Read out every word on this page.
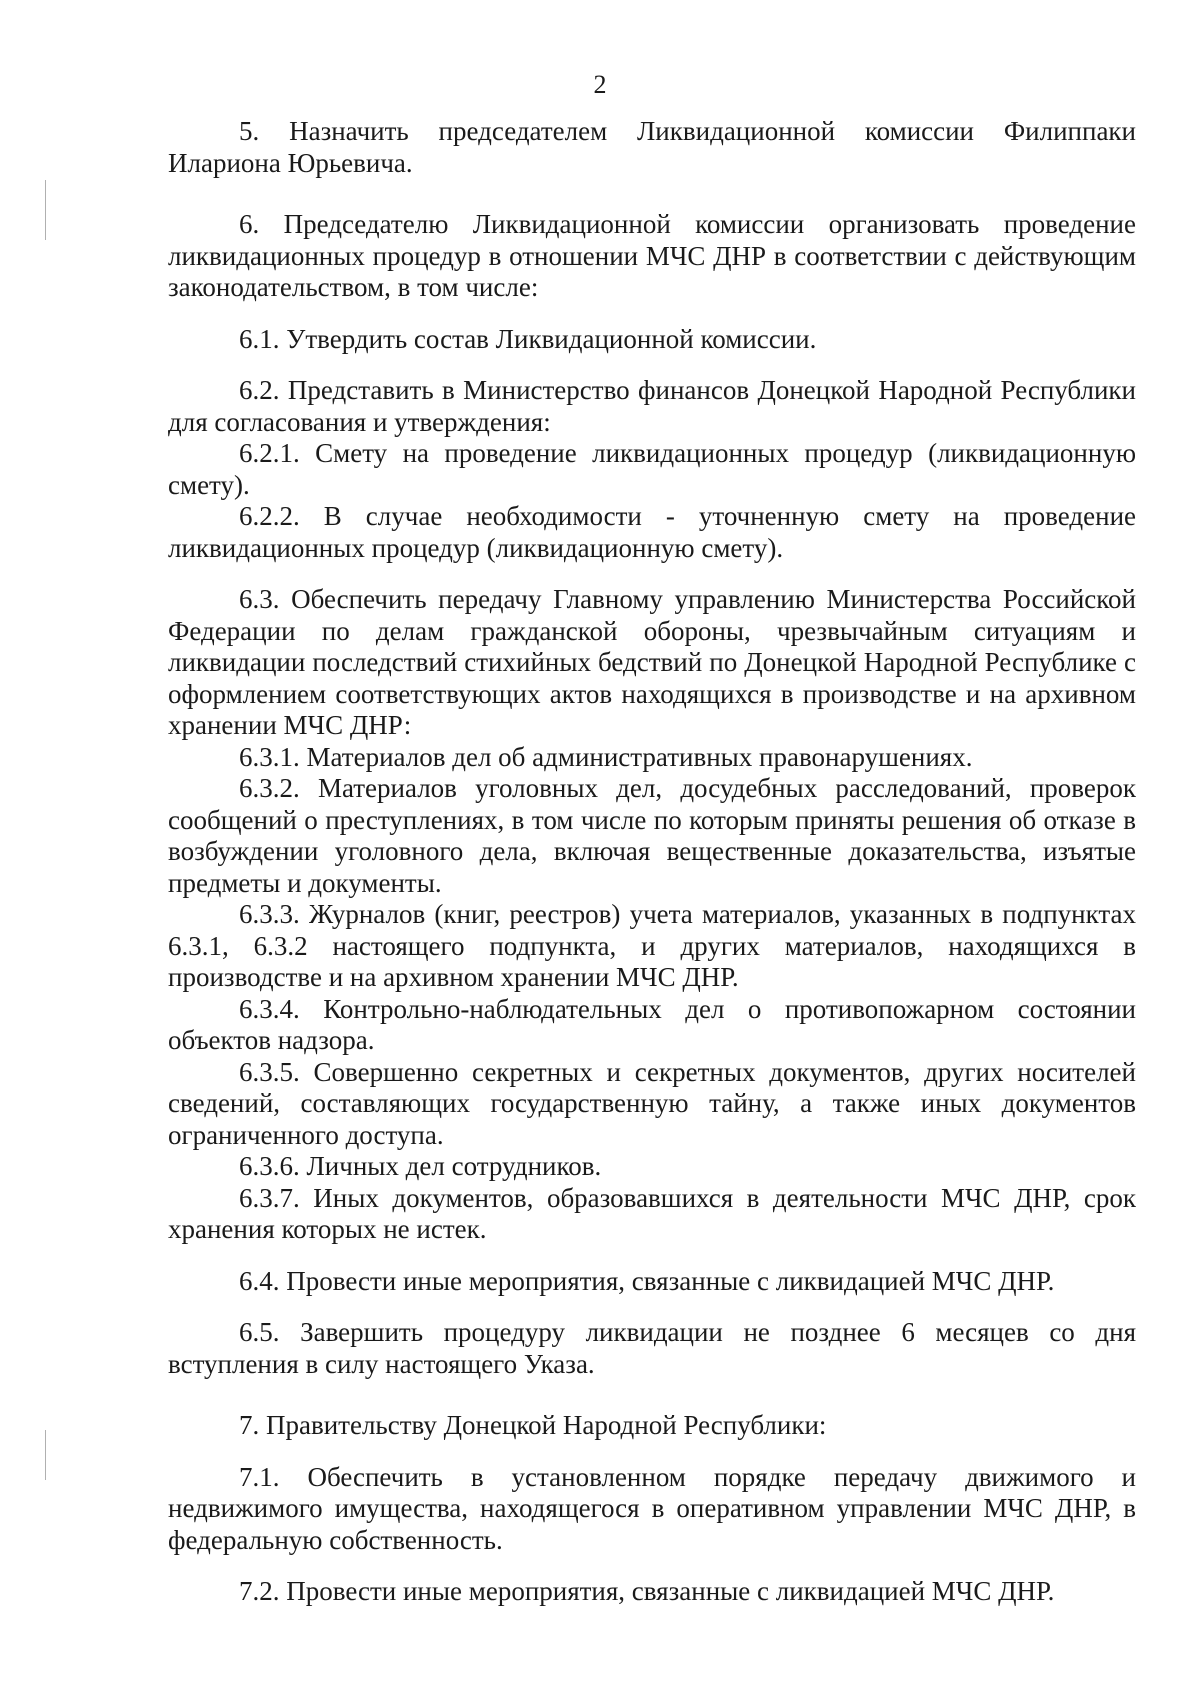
2

5. Назначить председателем Ликвидационной комиссии Филиппаки Илариона Юрьевича.

6. Председателю Ликвидационной комиссии организовать проведение ликвидационных процедур в отношении МЧС ДНР в соответствии с действующим законодательством, в том числе:

6.1. Утвердить состав Ликвидационной комиссии.

6.2. Представить в Министерство финансов Донецкой Народной Республики для согласования и утверждения:

6.2.1. Смету на проведение ликвидационных процедур (ликвидационную смету).

6.2.2. В случае необходимости - уточненную смету на проведение ликвидационных процедур (ликвидационную смету).

6.3. Обеспечить передачу Главному управлению Министерства Российской Федерации по делам гражданской обороны, чрезвычайным ситуациям и ликвидации последствий стихийных бедствий по Донецкой Народной Республике с оформлением соответствующих актов находящихся в производстве и на архивном хранении МЧС ДНР:

6.3.1. Материалов дел об административных правонарушениях.

6.3.2. Материалов уголовных дел, досудебных расследований, проверок сообщений о преступлениях, в том числе по которым приняты решения об отказе в возбуждении уголовного дела, включая вещественные доказательства, изъятые предметы и документы.

6.3.3. Журналов (книг, реестров) учета материалов, указанных в подпунктах 6.3.1, 6.3.2 настоящего подпункта, и других материалов, находящихся в производстве и на архивном хранении МЧС ДНР.

6.3.4. Контрольно-наблюдательных дел о противопожарном состоянии объектов надзора.

6.3.5. Совершенно секретных и секретных документов, других носителей сведений, составляющих государственную тайну, а также иных документов ограниченного доступа.

6.3.6. Личных дел сотрудников.

6.3.7. Иных документов, образовавшихся в деятельности МЧС ДНР, срок хранения которых не истек.

6.4. Провести иные мероприятия, связанные с ликвидацией МЧС ДНР.

6.5. Завершить процедуру ликвидации не позднее 6 месяцев со дня вступления в силу настоящего Указа.

7. Правительству Донецкой Народной Республики:

7.1. Обеспечить в установленном порядке передачу движимого и недвижимого имущества, находящегося в оперативном управлении МЧС ДНР, в федеральную собственность.

7.2. Провести иные мероприятия, связанные с ликвидацией МЧС ДНР.
